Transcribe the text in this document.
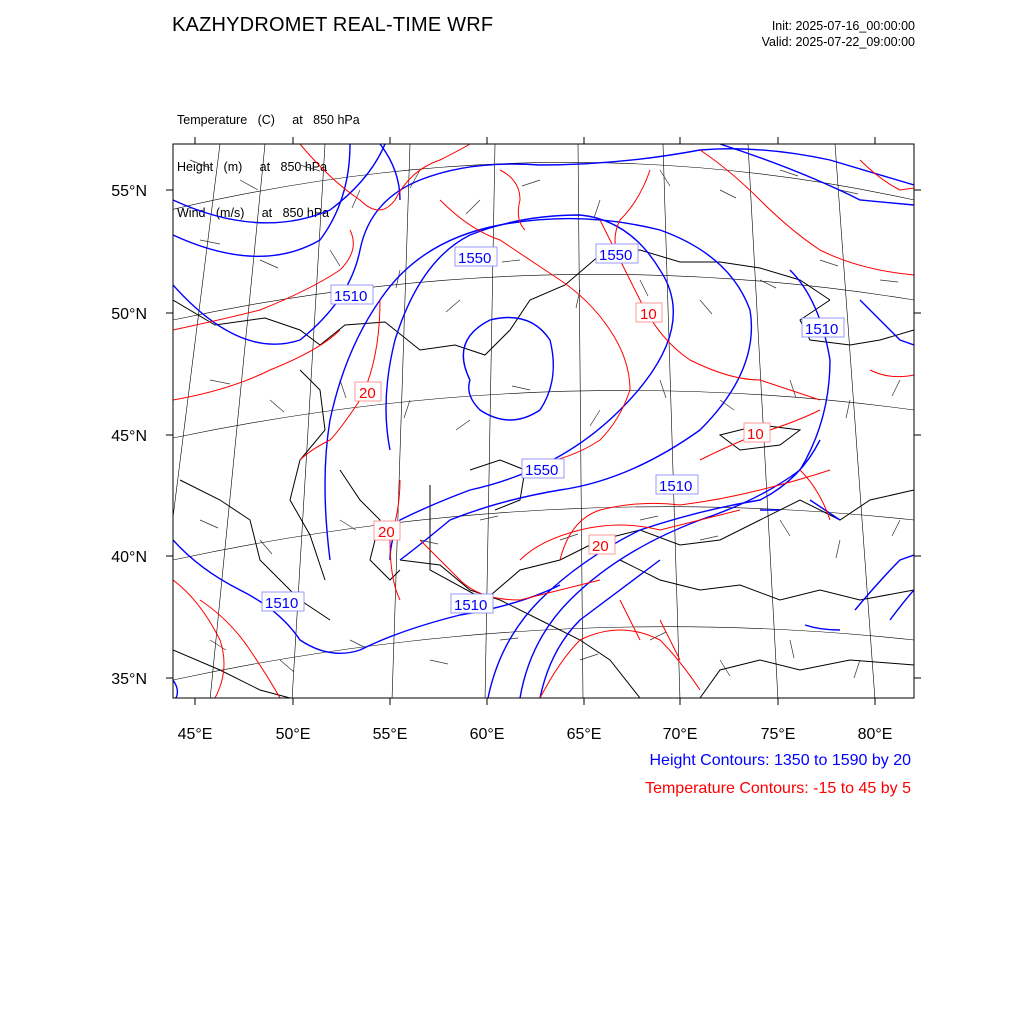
KAZHYDROMET REAL-TIME WRF	Init: 2025-07-16_00:00:00
Valid: 2025-07-22_09:00:00

Temperature   (C)     at   850 hPa

Height   (m)     at   850 hPa

Wind   (m/s)     at   850 hPa

55°N
50°N
45°N
40°N
35°N
45°E	50°E	55°E	60°E	65°E	70°E	75°E	80°E
1550	1550
1510
1510
1550
1510
1510	1510
20
10
10
20
20
Height Contours: 1350 to 1590 by 20
Temperature Contours: -15 to 45 by 5
